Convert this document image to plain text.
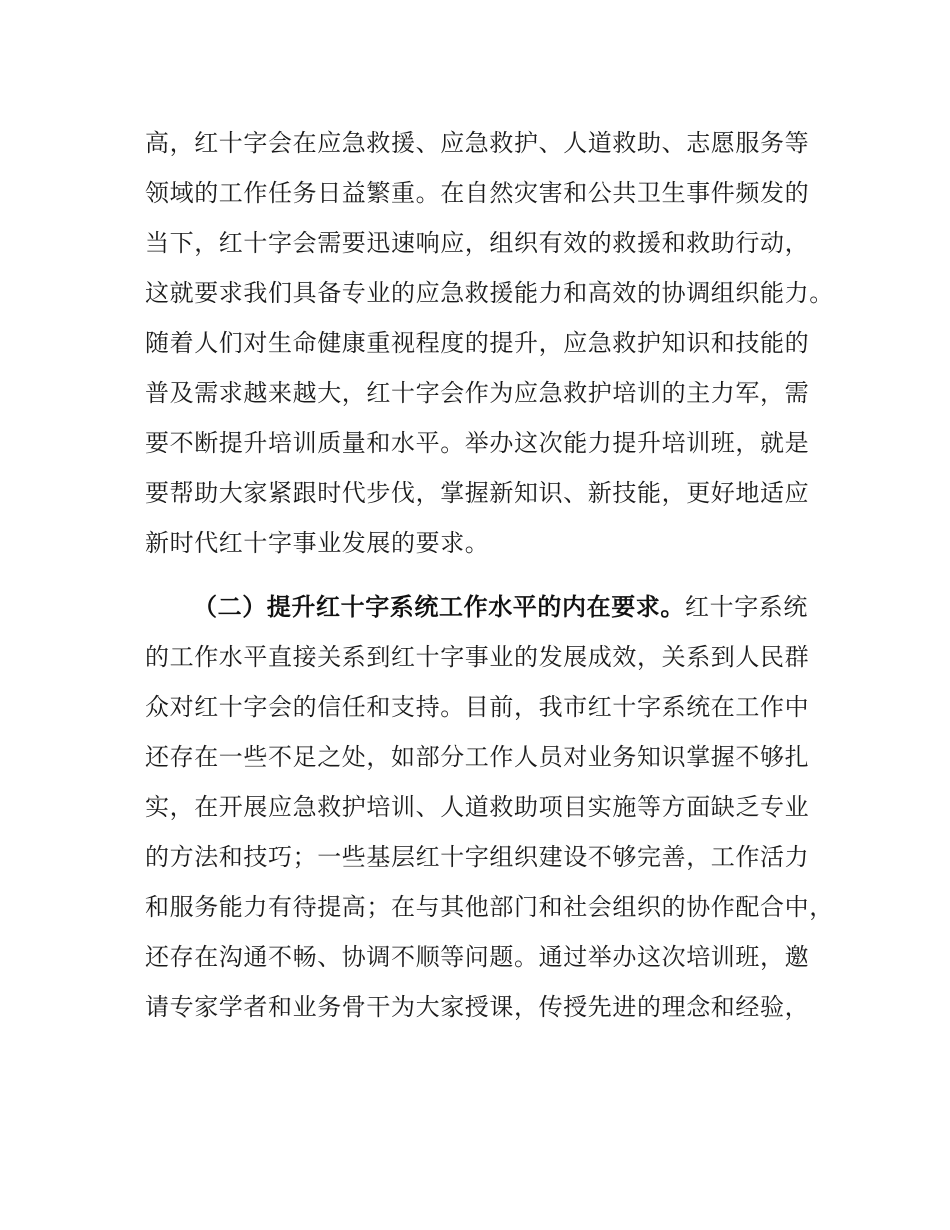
高，红十字会在应急救援、应急救护、人道救助、志愿服务等
领域的工作任务日益繁重。在自然灾害和公共卫生事件频发的
当下，红十字会需要迅速响应，组织有效的救援和救助行动，
这就要求我们具备专业的应急救援能力和高效的协调组织能力。
随着人们对生命健康重视程度的提升，应急救护知识和技能的
普及需求越来越大，红十字会作为应急救护培训的主力军，需
要不断提升培训质量和水平。举办这次能力提升培训班，就是
要帮助大家紧跟时代步伐，掌握新知识、新技能，更好地适应
新时代红十字事业发展的要求。
（二）提升红十字系统工作水平的内在要求。红十字系统
的工作水平直接关系到红十字事业的发展成效，关系到人民群
众对红十字会的信任和支持。目前，我市红十字系统在工作中
还存在一些不足之处，如部分工作人员对业务知识掌握不够扎
实，在开展应急救护培训、人道救助项目实施等方面缺乏专业
的方法和技巧；一些基层红十字组织建设不够完善，工作活力
和服务能力有待提高；在与其他部门和社会组织的协作配合中，
还存在沟通不畅、协调不顺等问题。通过举办这次培训班，邀
请专家学者和业务骨干为大家授课，传授先进的理念和经验，
